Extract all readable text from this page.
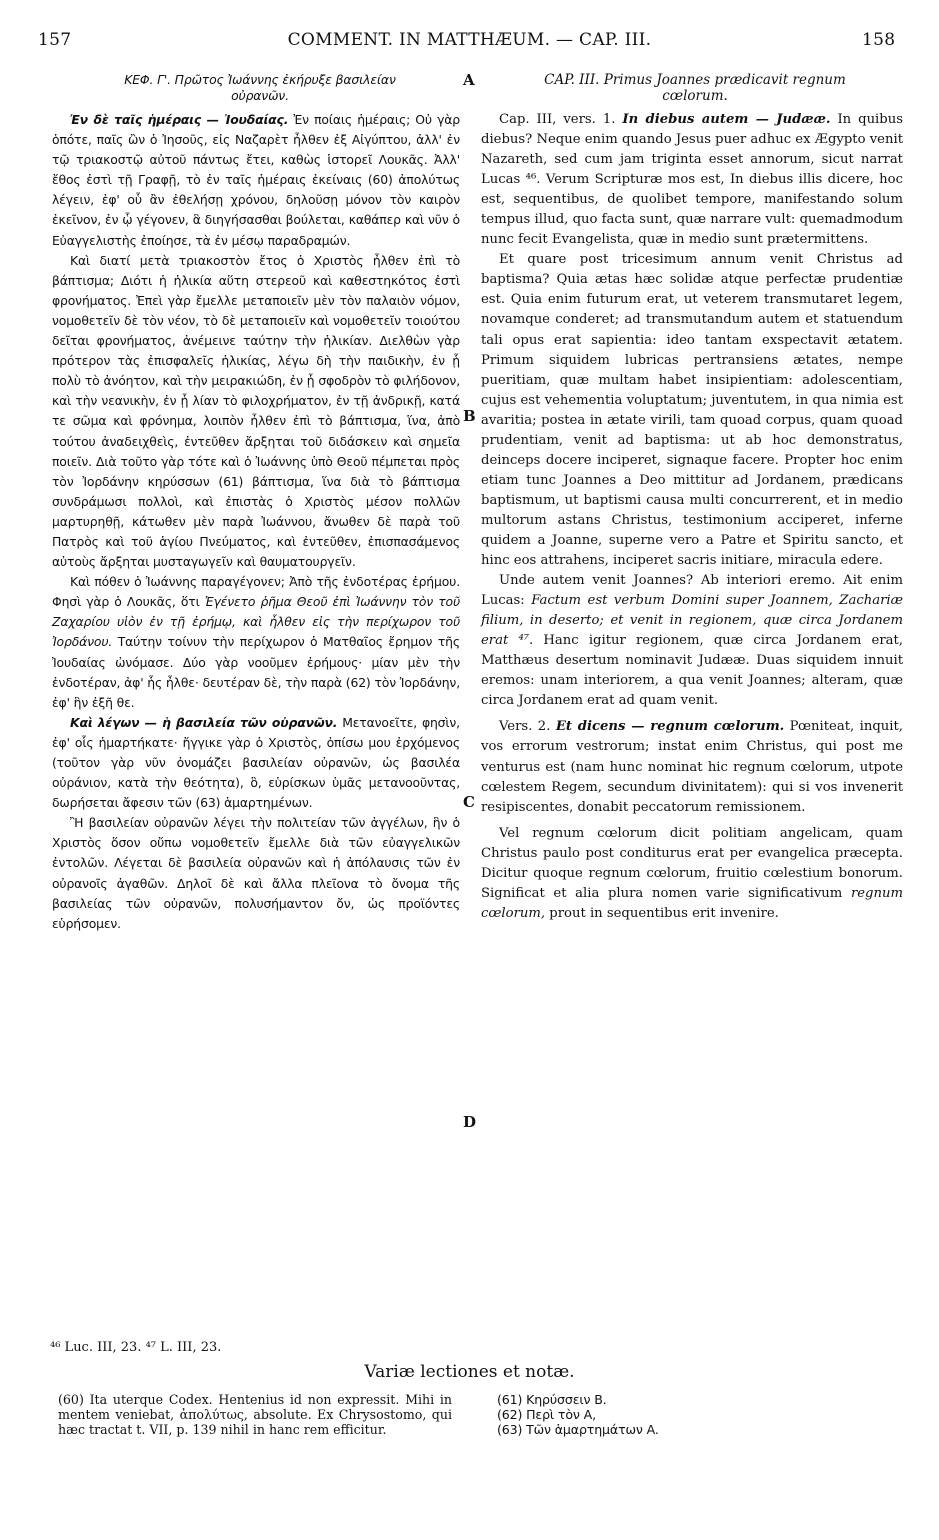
157	COMMENT. IN MATTHÆUM. — CAP. III.	158
ΚΕΦ. Γ'. Πρῶτος Ἰωάννης ἐκήρυξε βασιλείαν
οὐρανῶν.
A	CAP. III. Primus Joannes prædicavit regnum
cœlorum.

Ἐν δὲ ταῖς ἡμέραις — Ἰουδαίας. Ἐν ποίαις ἡμέραις; Οὐ γὰρ ὁπότε, παῖς ὢν ὁ Ἰησοῦς, εἰς Ναζαρὲτ ἦλθεν ἐξ Αἰγύπτου, ἀλλ' ἐν τῷ τριακοστῷ αὐτοῦ πάντως ἔτει, καθὼς ἱστορεῖ Λουκᾶς. Ἀλλ' ἔθος ἐστὶ τῇ Γραφῇ, τὸ ἐν ταῖς ἡμέραις ἐκείναις (60) ἀπολύτως λέγειν, ἐφ' οὗ ἂν ἐθελήσῃ χρόνου, δηλοῦσῃ μόνον τὸν καιρὸν ἐκεῖνον, ἐν ᾧ γέγονεν, ἃ διηγήσασθαι βούλεται, καθάπερ καὶ νῦν ὁ Εὐαγγελιστὴς ἐποίησε, τὰ ἐν μέσῳ παραδραμών.

Καὶ διατί μετὰ τριακοστὸν ἔτος ὁ Χριστὸς ἦλθεν ἐπὶ τὸ βάπτισμα; Διότι ἡ ἡλικία αὕτη στερεοῦ καὶ καθεστηκότος ἐστὶ φρονήματος. Ἐπεὶ γὰρ ἔμελλε μεταποιεῖν μὲν τὸν παλαιὸν νόμον, νομοθετεῖν δὲ τὸν νέον, τὸ δὲ μεταποιεῖν καὶ νομοθετεῖν τοιούτου δεῖται φρονήματος, ἀνέμεινε ταύτην τὴν ἡλικίαν. Διελθὼν γὰρ πρότερον τὰς ἐπισφαλεῖς ἡλικίας, λέγω δὴ τὴν παιδικὴν, ἐν ᾗ πολὺ τὸ ἀνόητον, καὶ τὴν μειρακιώδη, ἐν ᾗ σφοδρὸν τὸ φιλήδονον, καὶ τὴν νεανικὴν, ἐν ᾗ λίαν τὸ φιλοχρήματον, ἐν τῇ ἀνδρικῇ, κατά τε σῶμα καὶ φρόνημα, λοιπὸν ἦλθεν ἐπὶ τὸ βάπτισμα, ἵνα, ἀπὸ τούτου ἀναδειχθεὶς, ἐντεῦθεν ἄρξηται τοῦ διδάσκειν καὶ σημεῖα ποιεῖν. Διὰ τοῦτο γὰρ τότε καὶ ὁ Ἰωάννης ὑπὸ Θεοῦ πέμπεται πρὸς τὸν Ἰορδάνην κηρύσσων (61) βάπτισμα, ἵνα διὰ τὸ βάπτισμα συνδράμωσι πολλοὶ, καὶ ἐπιστὰς ὁ Χριστὸς μέσον πολλῶν μαρτυρηθῇ, κάτωθεν μὲν παρὰ Ἰωάννου, ἄνωθεν δὲ παρὰ τοῦ Πατρὸς καὶ τοῦ ἁγίου Πνεύματος, καὶ ἐντεῦθεν, ἐπισπασάμενος αὐτοὺς ἄρξηται μυσταγωγεῖν καὶ θαυματουργεῖν.

Καὶ πόθεν ὁ Ἰωάννης παραγέγονεν; Ἀπὸ τῆς ἐνδοτέρας ἐρήμου. Φησὶ γὰρ ὁ Λουκᾶς, ὅτι Ἐγένετο ῥῆμα Θεοῦ ἐπὶ Ἰωάννην τὸν τοῦ Ζαχαρίου υἱὸν ἐν τῇ ἐρήμῳ, καὶ ἦλθεν εἰς τὴν περίχωρον τοῦ Ἰορδάνου. Ταύτην τοίνυν τὴν περίχωρον ὁ Ματθαῖος ἔρημον τῆς Ἰουδαίας ὠνόμασε. Δύο γὰρ νοοῦμεν ἐρήμους· μίαν μὲν τὴν ἐνδοτέραν, ἀφ' ἧς ἦλθε· δευτέραν δὲ, τὴν παρὰ (62) τὸν Ἰορδάνην, ἐφ' ἣν ἐξῆ θε.

Καὶ λέγων — ἡ βασιλεία τῶν οὐρανῶν. Μετανοεῖτε, φησὶν, ἐφ' οἷς ἡμαρτήκατε· ἤγγικε γὰρ ὁ Χριστὸς, ὀπίσω μου ἐρχόμενος (τοῦτον γὰρ νῦν ὀνομάζει βασιλείαν οὐρανῶν, ὡς βασιλέα οὐράνιον, κατὰ τὴν θεότητα), ὃ, εὑρίσκων ὑμᾶς μετανοοῦντας, δωρήσεται ἄφεσιν τῶν (63) ἁμαρτημένων.

Ἢ βασιλείαν οὐρανῶν λέγει τὴν πολιτείαν τῶν ἀγγέλων, ἣν ὁ Χριστὸς ὅσον οὔπω νομοθετεῖν ἔμελλε διὰ τῶν εὐαγγελικῶν ἐντολῶν. Λέγεται δὲ βασιλεία οὐρανῶν καὶ ἡ ἀπόλαυσις τῶν ἐν οὐρανοῖς ἀγαθῶν. Δηλοῖ δὲ καὶ ἄλλα πλεῖονα τὸ ὄνομα τῆς βασιλείας τῶν οὐρανῶν, πολυσήμαντον ὄν, ὡς προϊόντες εὑρήσομεν.

B
C
D

Cap. III, vers. 1. In diebus autem — Judææ. In quibus diebus? Neque enim quando Jesus puer adhuc ex Ægypto venit Nazareth, sed cum jam triginta esset annorum, sicut narrat Lucas ⁴⁶. Verum Scripturæ mos est, In diebus illis dicere, hoc est, sequentibus, de quolibet tempore, manifestando solum tempus illud, quo facta sunt, quæ narrare vult: quemadmodum nunc fecit Evangelista, quæ in medio sunt prætermittens.

Et quare post tricesimum annum venit Christus ad baptisma? Quia ætas hæc solidæ atque perfectæ prudentiæ est. Quia enim futurum erat, ut veterem transmutaret legem, novamque conderet; ad transmutandum autem et statuendum tali opus erat sapientia: ideo tantam exspectavit ætatem. Primum siquidem lubricas pertransiens ætates, nempe pueritiam, quæ multam habet insipientiam: adolescentiam, cujus est vehementia voluptatum; juventutem, in qua nimia est avaritia; postea in ætate virili, tam quoad corpus, quam quoad prudentiam, venit ad baptisma: ut ab hoc demonstratus, deinceps docere inciperet, signaque facere. Propter hoc enim etiam tunc Joannes a Deo mittitur ad Jordanem, prædicans baptismum, ut baptismi causa multi concurrerent, et in medio multorum astans Christus, testimonium acciperet, inferne quidem a Joanne, superne vero a Patre et Spiritu sancto, et hinc eos attrahens, inciperet sacris initiare, miracula edere.

Unde autem venit Joannes? Ab interiori eremo. Ait enim Lucas: Factum est verbum Domini super Joannem, Zachariæ filium, in deserto; et venit in regionem, quæ circa Jordanem erat ⁴⁷. Hanc igitur regionem, quæ circa Jordanem erat, Matthæus desertum nominavit Judææ. Duas siquidem innuit eremos: unam interiorem, a qua venit Joannes; alteram, quæ circa Jordanem erat ad quam venit.

Vers. 2. Et dicens — regnum cœlorum. Pœniteat, inquit, vos errorum vestrorum; instat enim Christus, qui post me venturus est (nam hunc nominat hic regnum cœlorum, utpote cœlestem Regem, secundum divinitatem): qui si vos invenerit resipiscentes, donabit peccatorum remissionem.

Vel regnum cœlorum dicit politiam angelicam, quam Christus paulo post conditurus erat per evangelica præcepta. Dicitur quoque regnum cœlorum, fruitio cœlestium bonorum. Significat et alia plura nomen varie significativum regnum cœlorum, prout in sequentibus erit invenire.

⁴⁶ Luc. III, 23. ⁴⁷ L. III, 23.
Variæ lectiones et notæ.
(60) Ita uterque Codex. Hentenius id non expressit. Mihi in mentem veniebat, ἀπολύτως, absolute. Ex Chrysostomo, qui hæc tractat t. VII, p. 139 nihil in hanc rem efficitur.
(61) Κηρύσσειν B.
(62) Περὶ τὸν A,
(63) Τῶν ἁμαρτημάτων A.
